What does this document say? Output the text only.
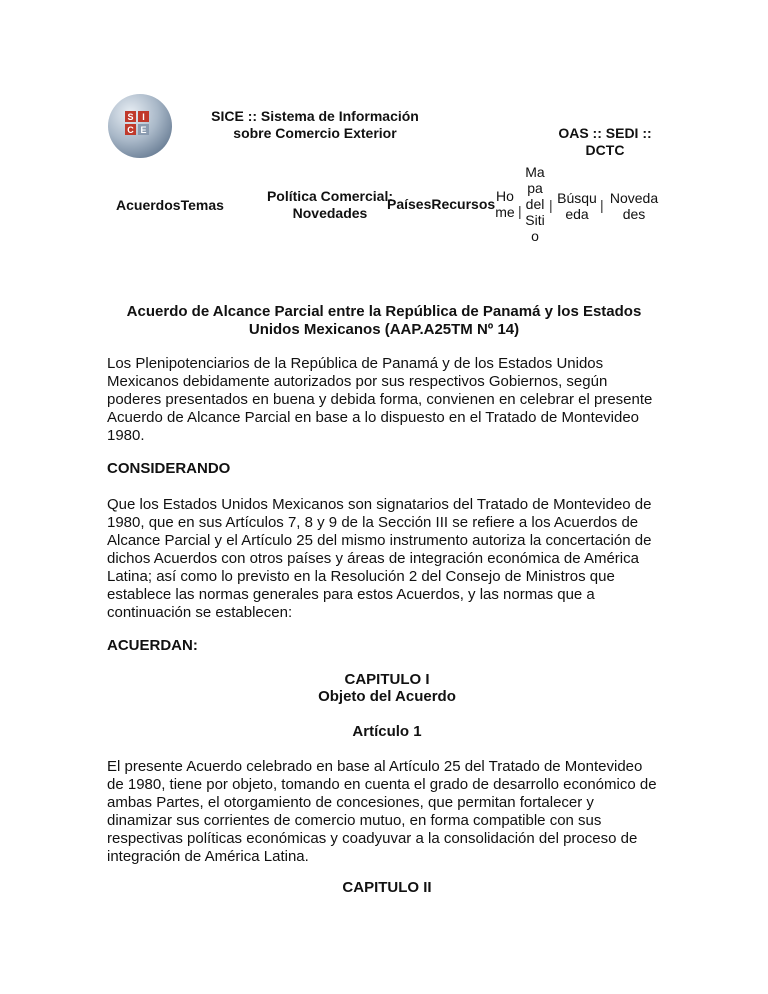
S I
C E
SICE :: Sistema de Información
sobre Comercio Exterior	OAS :: SEDI ::
DCTC
AcuerdosTemas
Política Comercial:
Novedades
PaísesRecursos Ho
me |
Ma
pa
del
Siti
o
| Búsqu
eda
| Noveda
des
Acuerdo de Alcance Parcial entre la República de Panamá y los Estados
Unidos Mexicanos (AAP.A25TM Nº 14)
Los Plenipotenciarios de la República de Panamá y de los Estados Unidos
Mexicanos debidamente autorizados por sus respectivos Gobiernos, según
poderes presentados en buena y debida forma, convienen en celebrar el presente
Acuerdo de Alcance Parcial en base a lo dispuesto en el Tratado de Montevideo
1980.
CONSIDERANDO
Que los Estados Unidos Mexicanos son signatarios del Tratado de Montevideo de
1980, que en sus Artículos 7, 8 y 9 de la Sección III se refiere a los Acuerdos de
Alcance Parcial y el Artículo 25 del mismo instrumento autoriza la concertación de
dichos Acuerdos con otros países y áreas de integración económica de América
Latina; así como lo previsto en la Resolución 2 del Consejo de Ministros que
establece las normas generales para estos Acuerdos, y las normas que a
continuación se establecen:
ACUERDAN:
CAPITULO I
Objeto del Acuerdo
Artículo 1
El presente Acuerdo celebrado en base al Artículo 25 del Tratado de Montevideo
de 1980, tiene por objeto, tomando en cuenta el grado de desarrollo económico de
ambas Partes, el otorgamiento de concesiones, que permitan fortalecer y
dinamizar sus corrientes de comercio mutuo, en forma compatible con sus
respectivas políticas económicas y coadyuvar a la consolidación del proceso de
integración de América Latina.
CAPITULO II
